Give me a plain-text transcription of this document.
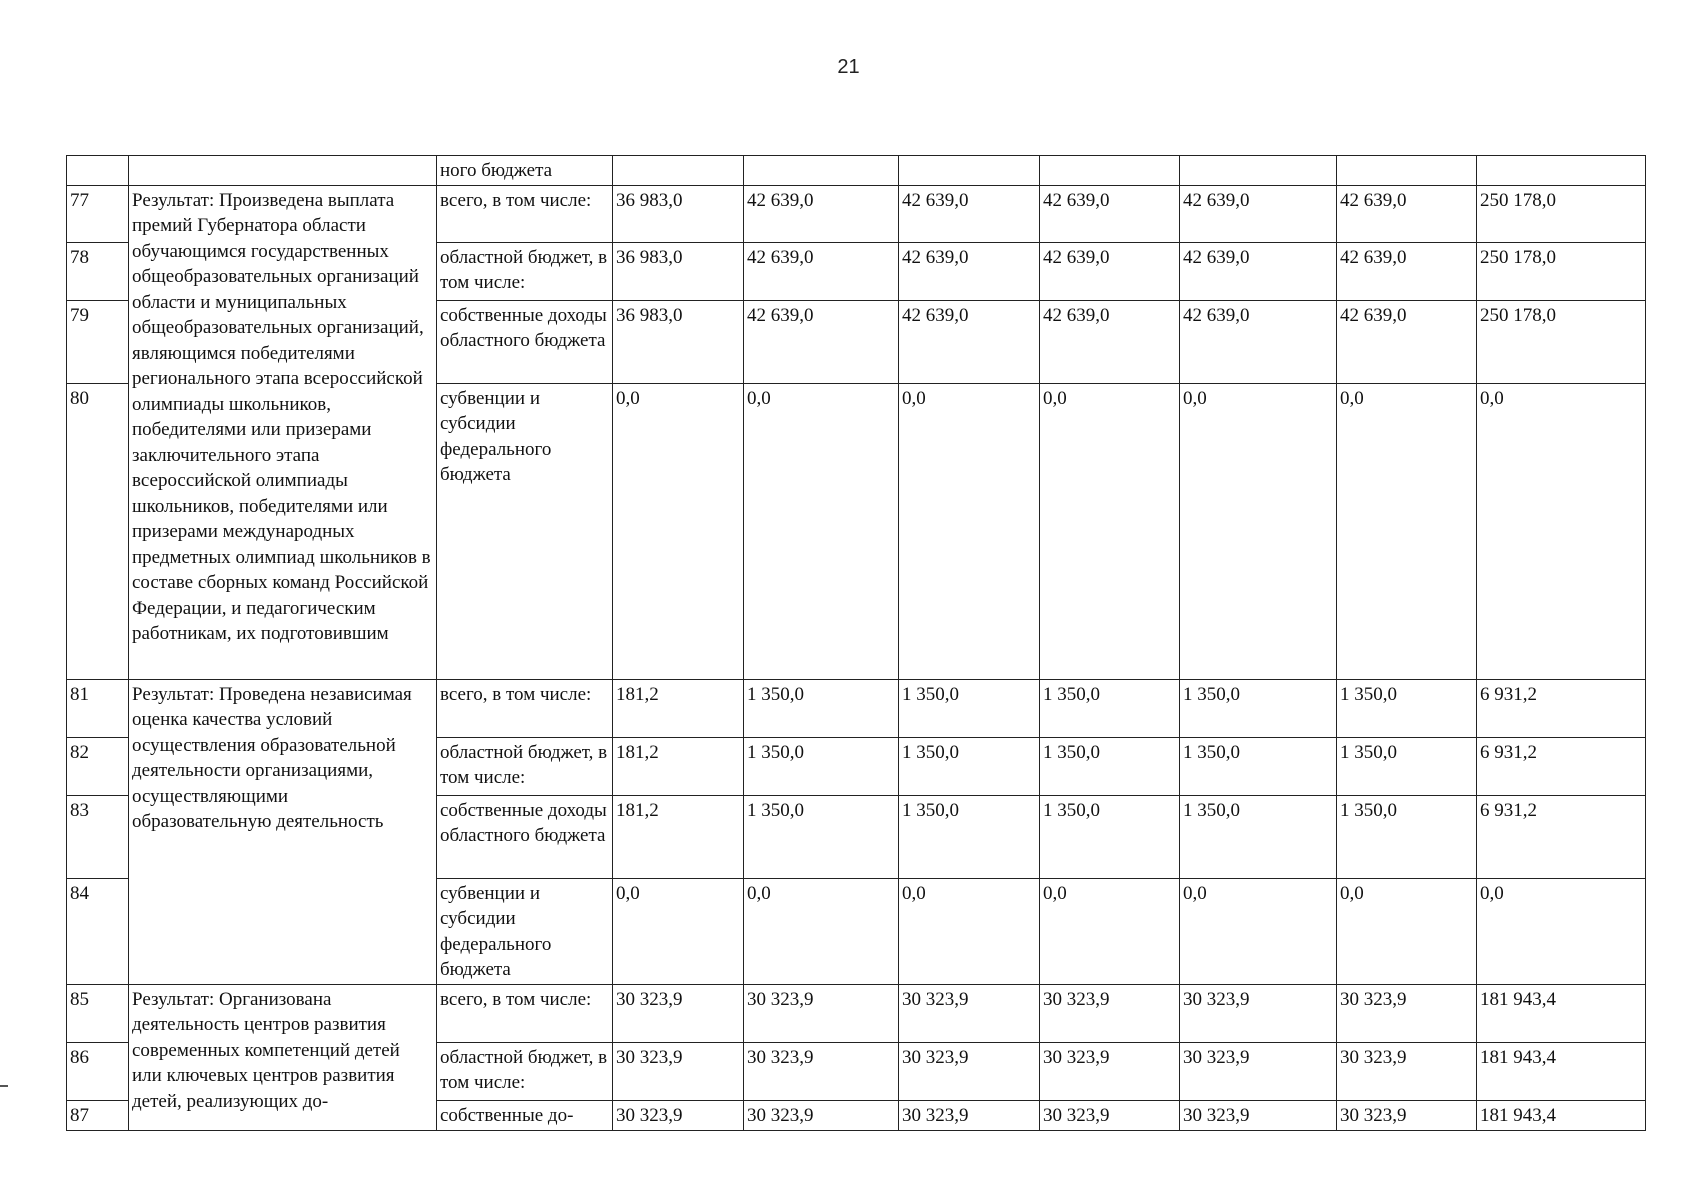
21
		ного бюджета							
77	Результат: Произведена выплата премий Губернатора области обучающимся государственных общеобразовательных организаций области и муниципальных общеобразовательных организаций, являющимся победителями регионального этапа всероссийской олимпиады школьников, победителями или призерами заключительного этапа всероссийской олимпиады школьников, победителями или призерами международных предметных олимпиад школьников в составе сборных команд Российской Федерации, и педагогическим работникам, их подготовившим	всего, в том числе:	36 983,0	42 639,0	42 639,0	42 639,0	42 639,0	42 639,0	250 178,0
78		областной бюджет, в том числе:	36 983,0	42 639,0	42 639,0	42 639,0	42 639,0	42 639,0	250 178,0
79		собственные доходы областного бюджета	36 983,0	42 639,0	42 639,0	42 639,0	42 639,0	42 639,0	250 178,0
80		субвенции и субсидии федерального бюджета	0,0	0,0	0,0	0,0	0,0	0,0	0,0
81	Результат: Проведена независимая оценка качества условий осуществления образовательной деятельности организациями, осуществляющими образовательную деятельность	всего, в том числе:	181,2	1 350,0	1 350,0	1 350,0	1 350,0	1 350,0	6 931,2
82		областной бюджет, в том числе:	181,2	1 350,0	1 350,0	1 350,0	1 350,0	1 350,0	6 931,2
83		собственные доходы областного бюджета	181,2	1 350,0	1 350,0	1 350,0	1 350,0	1 350,0	6 931,2
84		субвенции и субсидии федерального бюджета	0,0	0,0	0,0	0,0	0,0	0,0	0,0
85	Результат: Организована деятельность центров развития современных компетенций детей или ключевых центров развития детей, реализующих до-	всего, в том числе:	30 323,9	30 323,9	30 323,9	30 323,9	30 323,9	30 323,9	181 943,4
86		областной бюджет, в том числе:	30 323,9	30 323,9	30 323,9	30 323,9	30 323,9	30 323,9	181 943,4
87		собственные до-	30 323,9	30 323,9	30 323,9	30 323,9	30 323,9	30 323,9	181 943,4
